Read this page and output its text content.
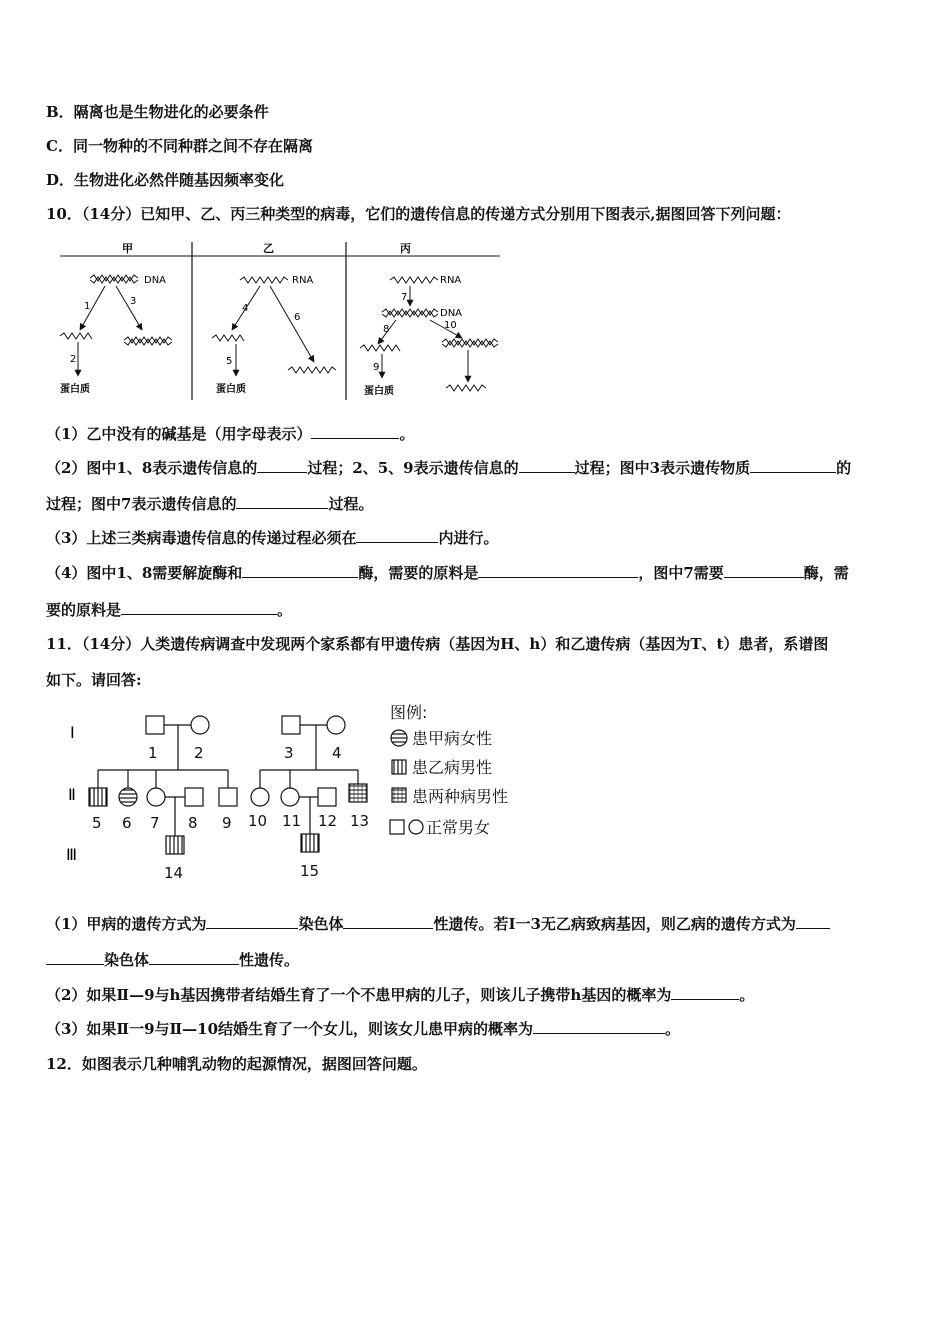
B．隔离也是生物进化的必要条件
C．同一物种的不同种群之间不存在隔离
D．生物进化必然伴随基因频率变化
10．（14分）已知甲、乙、丙三种类型的病毒，它们的遗传信息的传递方式分别用下图表示,据图回答下列问题：
甲	乙	丙
DNA
1	3
2
蛋白质
RNA
4
6
5
蛋白质
RNA
7
DNA
8	10
9
蛋白质
（1）乙中没有的碱基是（用字母表示）	。
（2）图中1、8表示遗传信息的	过程；2、5、9表示遗传信息的	过程；图中3表示遗传物质	的
过程；图中7表示遗传信息的	过程。
（3）上述三类病毒遗传信息的传递过程必须在	内进行。
（4）图中1、8需要解旋酶和	酶，需要的原料是	，图中7需要	酶，需
要的原料是	。
11．（14分）人类遗传病调查中发现两个家系都有甲遗传病（基因为H、h）和乙遗传病（基因为T、t）患者，系谱图
如下。请回答:
Ⅰ
Ⅱ
Ⅲ
1 2	3	4
5 6 7 8 9 10 11 12 13
14	15
图例:
患甲病女性
患乙病男性
患两种病男性
正常男女
（1）甲病的遗传方式为	染色体	性遗传。若Ⅰ一3无乙病致病基因，则乙病的遗传方式为
染色体	性遗传。
（2）如果Ⅱ—9与h基因携带者结婚生育了一个不患甲病的儿子，则该儿子携带h基因的概率为	。
（3）如果Ⅱ一9与Ⅱ—10结婚生育了一个女儿，则该女儿患甲病的概率为	。
12．如图表示几种哺乳动物的起源情况，据图回答问题。
